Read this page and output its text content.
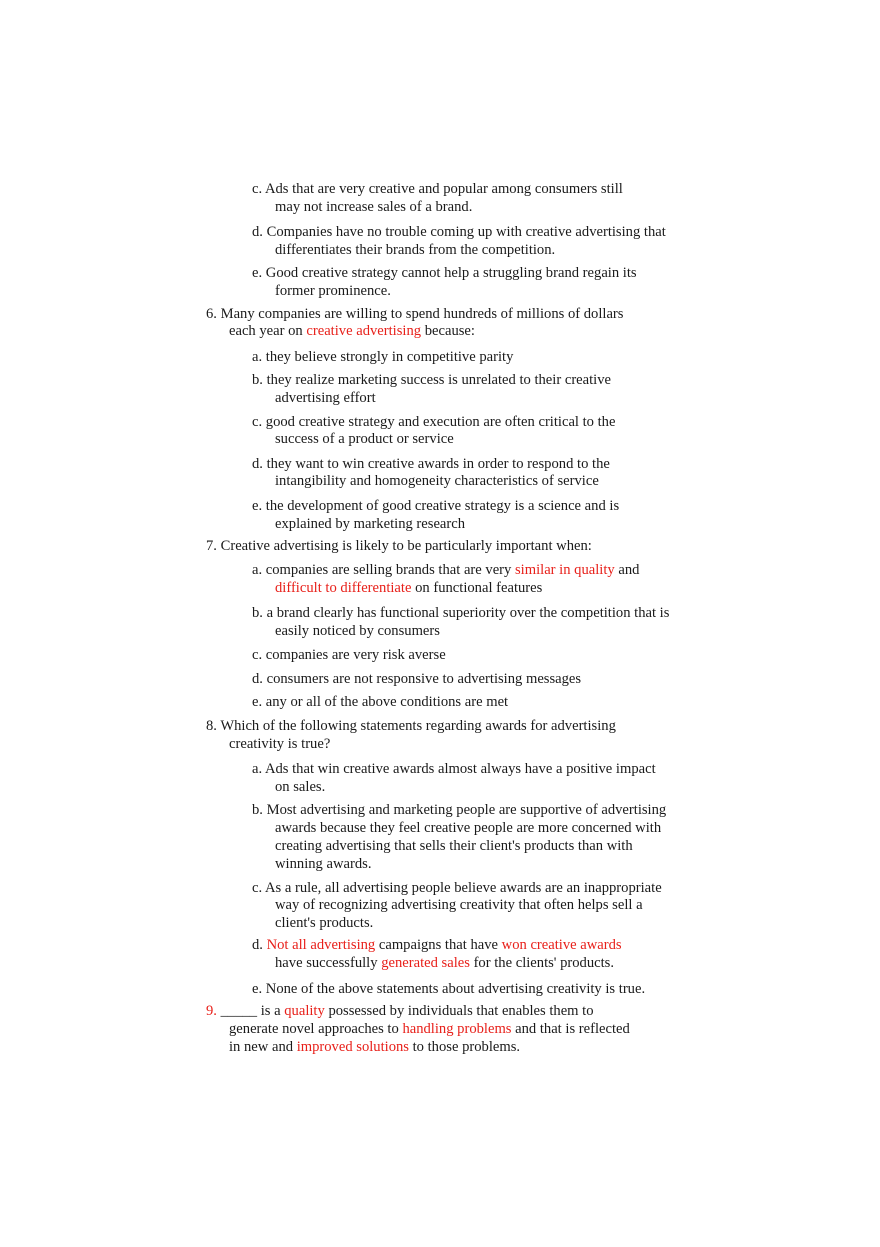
c. Ads that are very creative and popular among consumers still
may not increase sales of a brand.
d. Companies have no trouble coming up with creative advertising that
differentiates their brands from the competition.
e. Good creative strategy cannot help a struggling brand regain its
former prominence.
6. Many companies are willing to spend hundreds of millions of dollars
each year on creative advertising because:
a. they believe strongly in competitive parity
b. they realize marketing success is unrelated to their creative
advertising effort
c. good creative strategy and execution are often critical to the
success of a product or service
d. they want to win creative awards in order to respond to the
intangibility and homogeneity characteristics of service
e. the development of good creative strategy is a science and is
explained by marketing research
7. Creative advertising is likely to be particularly important when:
a. companies are selling brands that are very similar in quality and
difficult to differentiate on functional features
b. a brand clearly has functional superiority over the competition that is
easily noticed by consumers
c. companies are very risk averse
d. consumers are not responsive to advertising messages
e. any or all of the above conditions are met
8. Which of the following statements regarding awards for advertising
creativity is true?
a. Ads that win creative awards almost always have a positive impact
on sales.
b. Most advertising and marketing people are supportive of advertising
awards because they feel creative people are more concerned with
creating advertising that sells their client's products than with
winning awards.
c. As a rule, all advertising people believe awards are an inappropriate
way of recognizing advertising creativity that often helps sell a
client's products.
d. Not all advertising campaigns that have won creative awards
have successfully generated sales for the clients' products.
e. None of the above statements about advertising creativity is true.
9. _____ is a quality possessed by individuals that enables them to
generate novel approaches to handling problems and that is reflected
in new and improved solutions to those problems.
